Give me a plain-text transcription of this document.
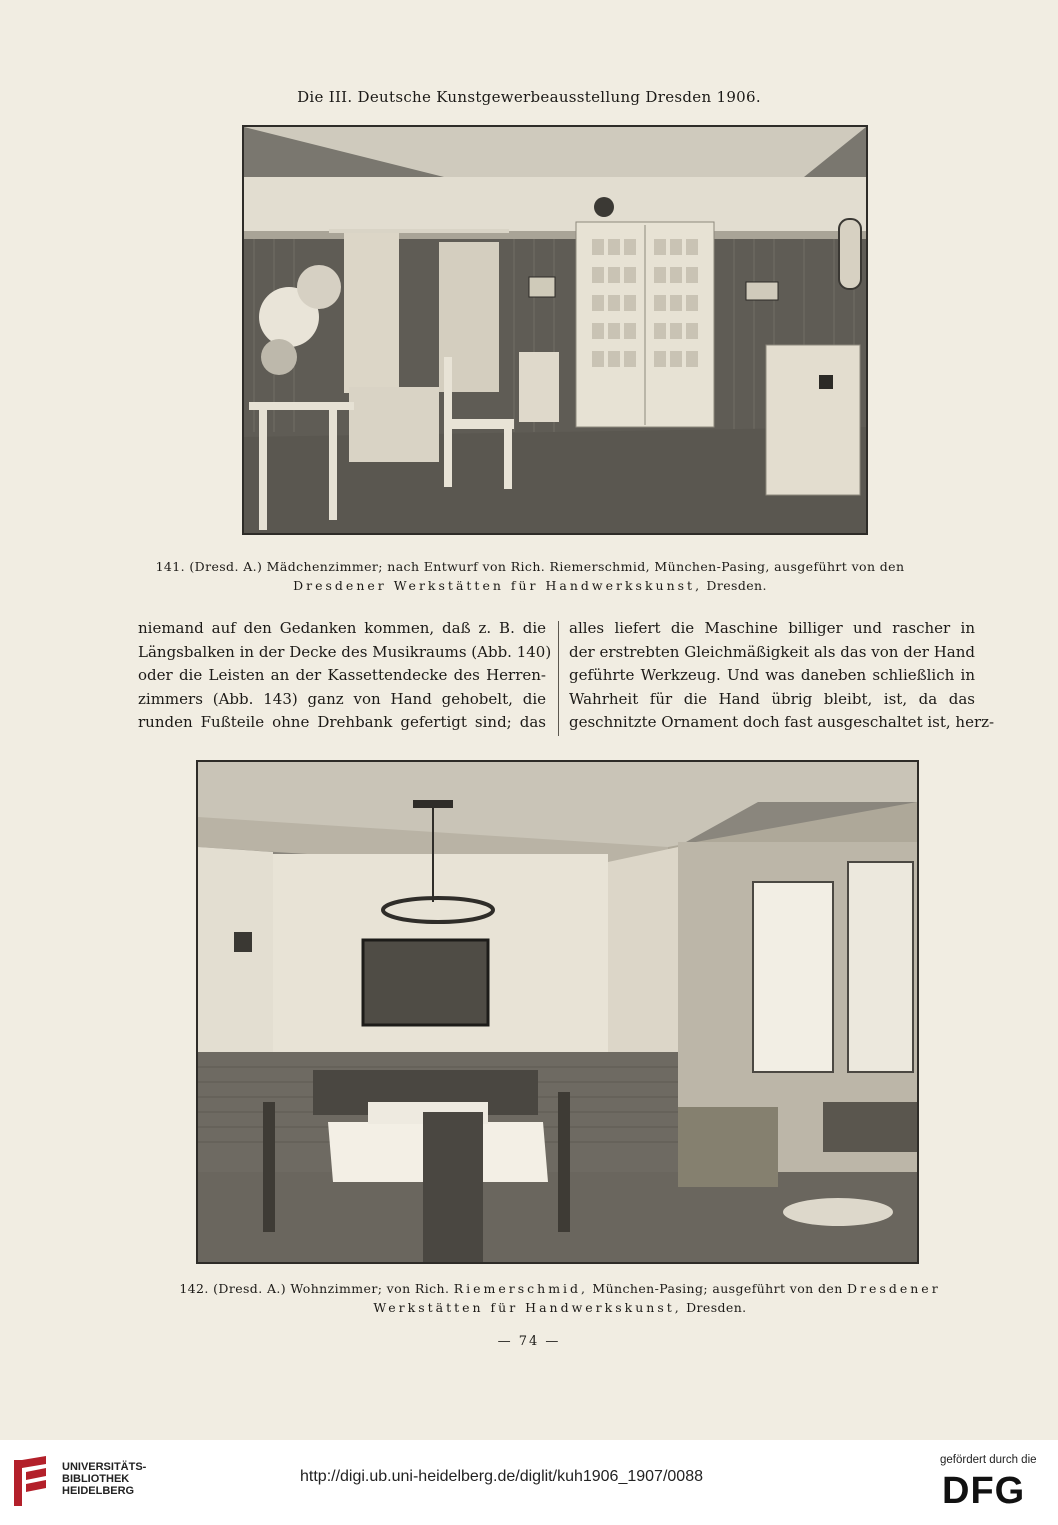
Die III. Deutsche Kunstgewerbeausstellung Dresden 1906.
141. (Dresd. A.) Mädchenzimmer; nach Entwurf von Rich. Riemerschmid, München-Pasing, ausgeführt von den
Dresdener Werkstätten für Handwerkskunst, Dresden.
niemand auf den Gedanken kommen, daß z. B. die
Längsbalken in der Decke des Musikraums (Abb. 140)
oder die Leisten an der Kassettendecke des Herren-
zimmers (Abb. 143) ganz von Hand gehobelt, die
runden Fußteile ohne Drehbank gefertigt sind; das
alles liefert die Maschine billiger und rascher in
der erstrebten Gleichmäßigkeit als das von der Hand
geführte Werkzeug. Und was daneben schließlich in
Wahrheit für die Hand übrig bleibt, ist, da das
geschnitzte Ornament doch fast ausgeschaltet ist, herz-
142. (Dresd. A.) Wohnzimmer; von Rich. Riemerschmid, München-Pasing; ausgeführt von den Dresdener
Werkstätten für Handwerkskunst, Dresden.
— 74 —
UNIVERSITÄTS-
BIBLIOTHEK
HEIDELBERG
http://digi.ub.uni-heidelberg.de/diglit/kuh1906_1907/0088
gefördert durch die
DFG
